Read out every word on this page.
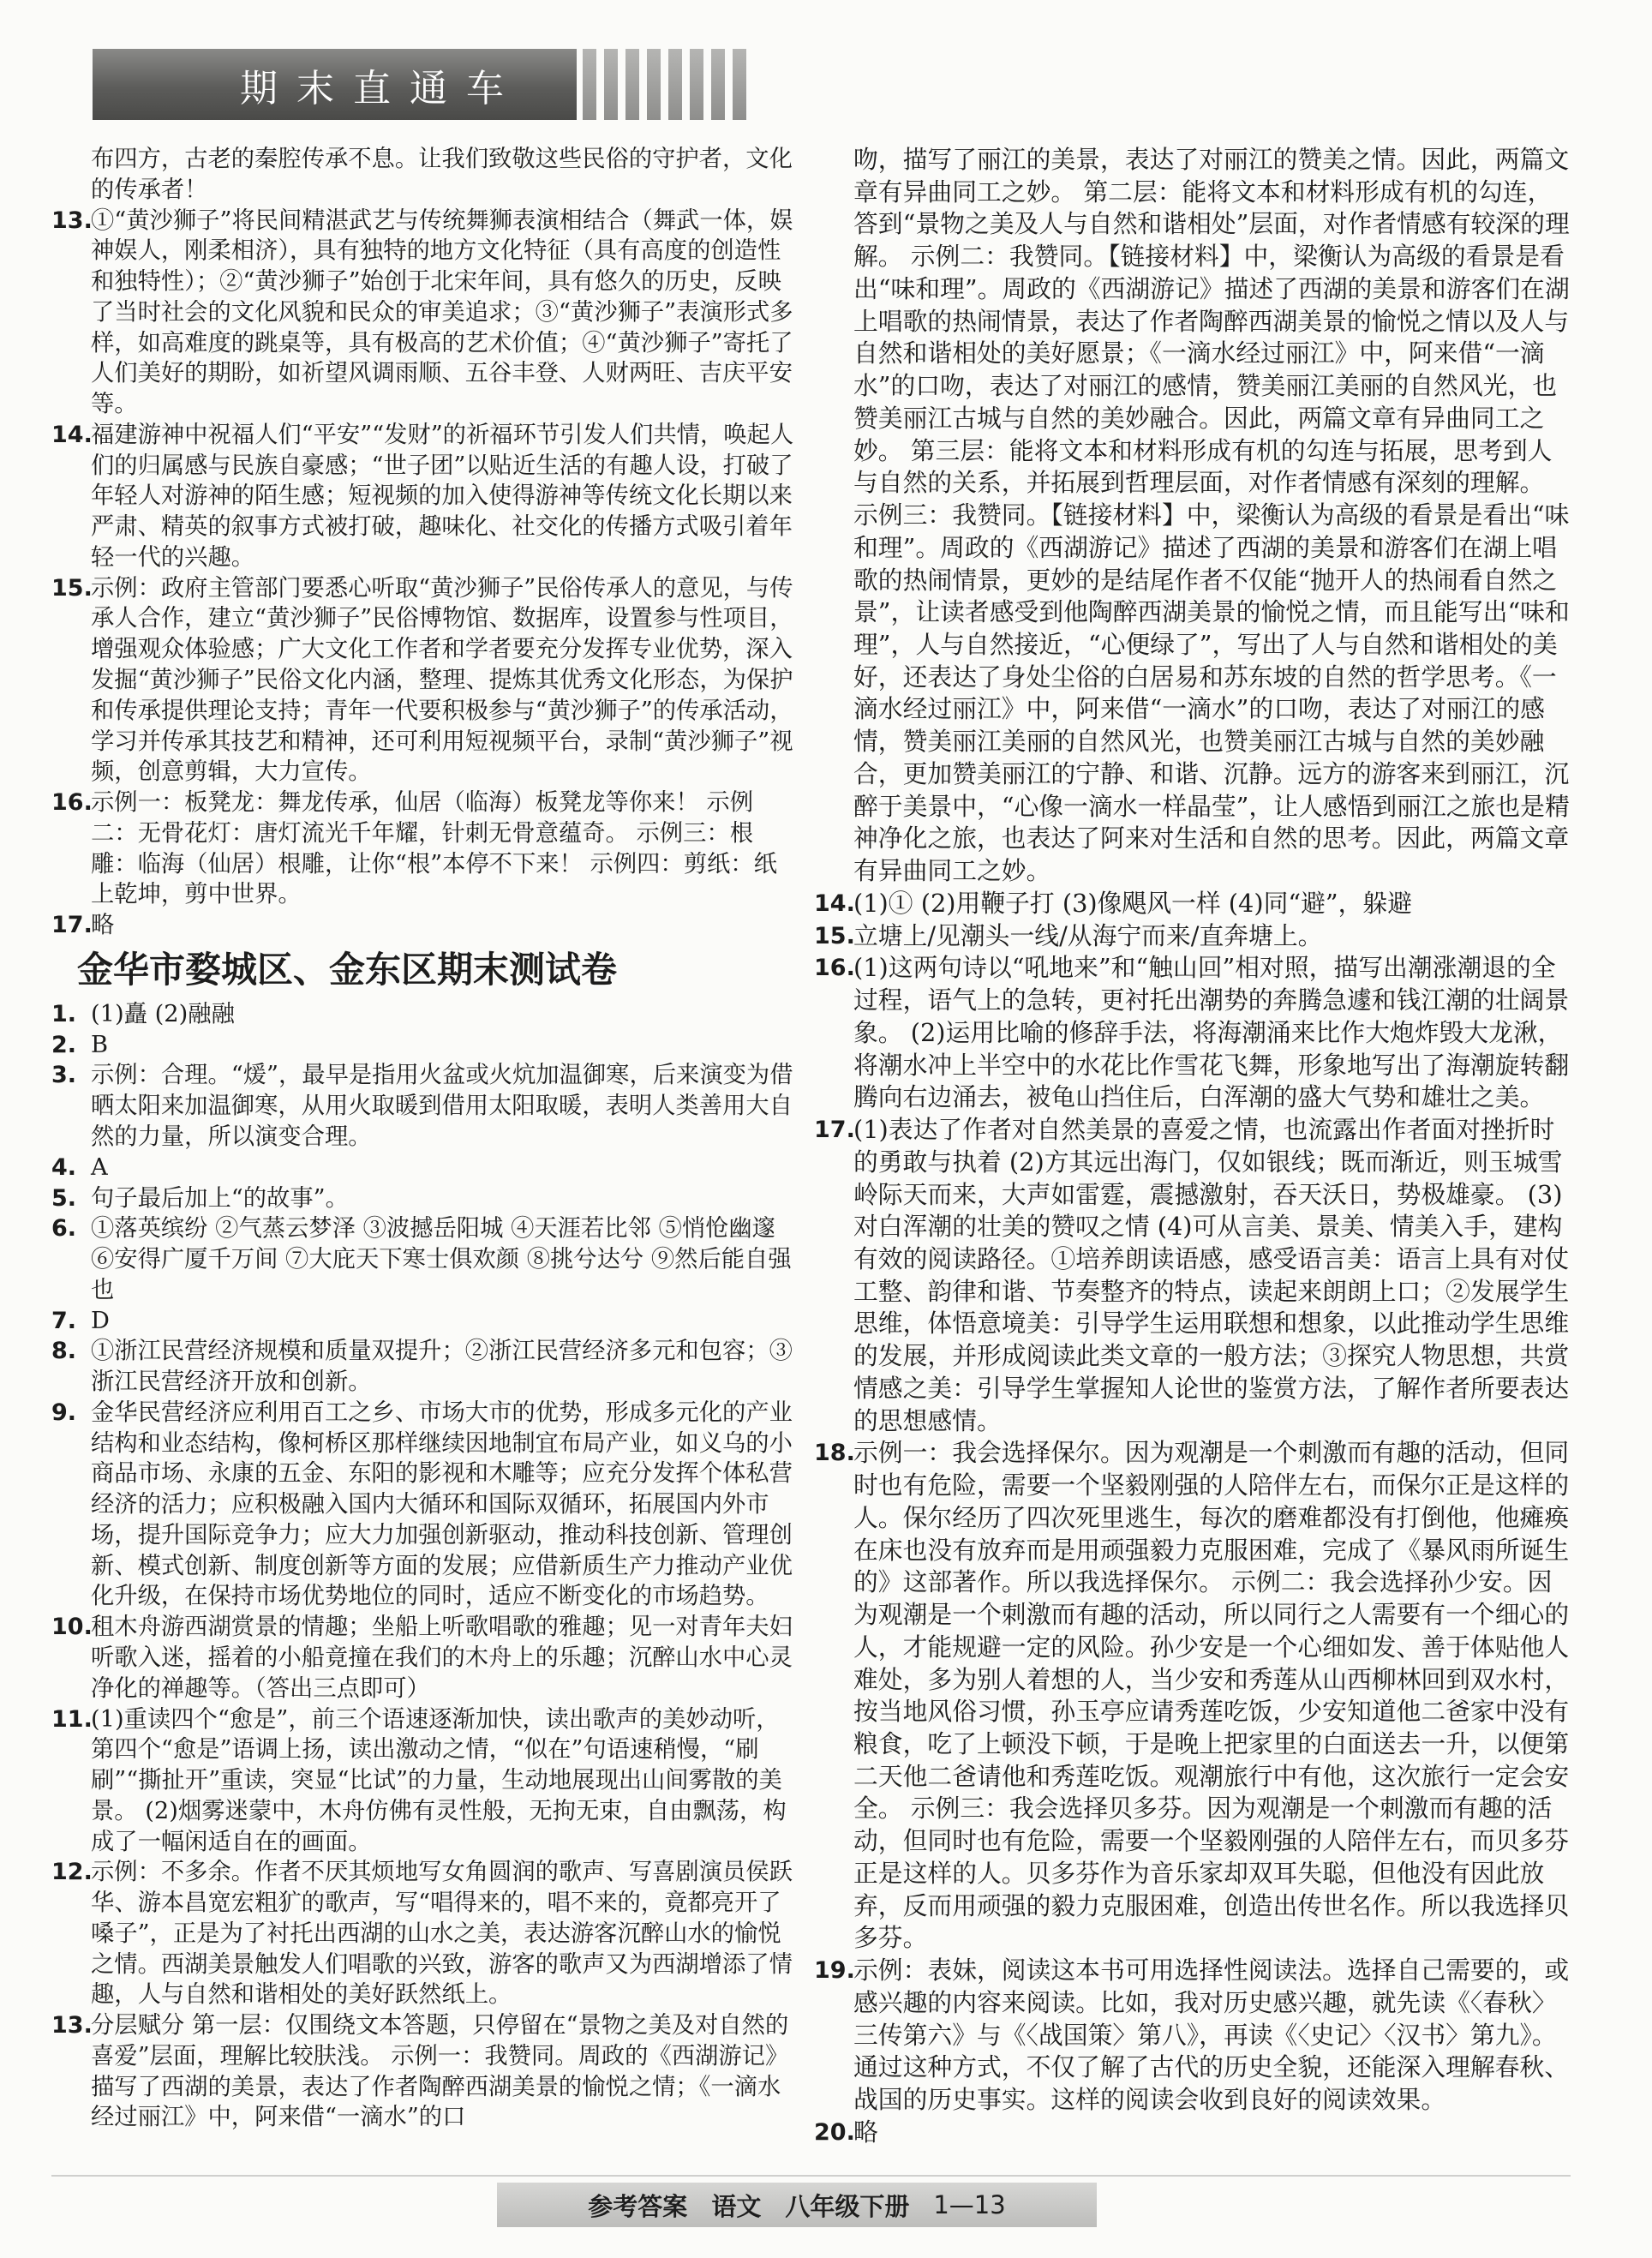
期末直通车

布四方，古老的秦腔传承不息。让我们致敬这些民俗的守护者，文化的传承者！

13.
①“黄沙狮子”将民间精湛武艺与传统舞狮表演相结合（舞武一体，娱神娱人，刚柔相济），具有独特的地方文化特征（具有高度的创造性和独特性）；②“黄沙狮子”始创于北宋年间，具有悠久的历史，反映了当时社会的文化风貌和民众的审美追求；③“黄沙狮子”表演形式多样，如高难度的跳桌等，具有极高的艺术价值；④“黄沙狮子”寄托了人们美好的期盼，如祈望风调雨顺、五谷丰登、人财两旺、吉庆平安等。

14.
福建游神中祝福人们“平安”“发财”的祈福环节引发人们共情，唤起人们的归属感与民族自豪感；“世子团”以贴近生活的有趣人设，打破了年轻人对游神的陌生感；短视频的加入使得游神等传统文化长期以来严肃、精英的叙事方式被打破，趣味化、社交化的传播方式吸引着年轻一代的兴趣。

15.
示例：政府主管部门要悉心听取“黄沙狮子”民俗传承人的意见，与传承人合作，建立“黄沙狮子”民俗博物馆、数据库，设置参与性项目，增强观众体验感；广大文化工作者和学者要充分发挥专业优势，深入发掘“黄沙狮子”民俗文化内涵，整理、提炼其优秀文化形态，为保护和传承提供理论支持；青年一代要积极参与“黄沙狮子”的传承活动，学习并传承其技艺和精神，还可利用短视频平台，录制“黄沙狮子”视频，创意剪辑，大力宣传。

16.
示例一：板凳龙：舞龙传承，仙居（临海）板凳龙等你来！ 示例二：无骨花灯：唐灯流光千年耀，针刺无骨意蕴奇。 示例三：根雕：临海（仙居）根雕，让你“根”本停不下来！ 示例四：剪纸：纸上乾坤，剪中世界。

17.
略

金华市婺城区、金东区期末测试卷

1. (1)矗 (2)融融

2. B

3. 示例：合理。“煖”，最早是指用火盆或火炕加温御寒，后来演变为借晒太阳来加温御寒，从用火取暖到借用太阳取暖，表明人类善用大自然的力量，所以演变合理。

4. A

5. 句子最后加上“的故事”。

6. ①落英缤纷 ②气蒸云梦泽 ③波撼岳阳城 ④天涯若比邻 ⑤悄怆幽邃 ⑥安得广厦千万间 ⑦大庇天下寒士俱欢颜 ⑧挑兮达兮 ⑨然后能自强也

7. D

8. ①浙江民营经济规模和质量双提升；②浙江民营经济多元和包容；③浙江民营经济开放和创新。

9. 金华民营经济应利用百工之乡、市场大市的优势，形成多元化的产业结构和业态结构，像柯桥区那样继续因地制宜布局产业，如义乌的小商品市场、永康的五金、东阳的影视和木雕等；应充分发挥个体私营经济的活力；应积极融入国内大循环和国际双循环，拓展国内外市场，提升国际竞争力；应大力加强创新驱动，推动科技创新、管理创新、模式创新、制度创新等方面的发展；应借新质生产力推动产业优化升级，在保持市场优势地位的同时，适应不断变化的市场趋势。

10.
租木舟游西湖赏景的情趣；坐船上听歌唱歌的雅趣；见一对青年夫妇听歌入迷，摇着的小船竟撞在我们的木舟上的乐趣；沉醉山水中心灵净化的禅趣等。（答出三点即可）

11.
(1)重读四个“愈是”，前三个语速逐渐加快，读出歌声的美妙动听，第四个“愈是”语调上扬，读出激动之情，“似在”句语速稍慢，“刷刷”“撕扯开”重读，突显“比试”的力量，生动地展现出山间雾散的美景。 (2)烟雾迷蒙中，木舟仿佛有灵性般，无拘无束，自由飘荡，构成了一幅闲适自在的画面。

12.
示例：不多余。作者不厌其烦地写女角圆润的歌声、写喜剧演员侯跃华、游本昌宽宏粗犷的歌声，写“唱得来的，唱不来的，竟都亮开了嗓子”，正是为了衬托出西湖的山水之美，表达游客沉醉山水的愉悦之情。西湖美景触发人们唱歌的兴致，游客的歌声又为西湖增添了情趣，人与自然和谐相处的美好跃然纸上。

13.
分层赋分 第一层：仅围绕文本答题，只停留在“景物之美及对自然的喜爱”层面，理解比较肤浅。 示例一：我赞同。周政的《西湖游记》描写了西湖的美景，表达了作者陶醉西湖美景的愉悦之情；《一滴水经过丽江》中，阿来借“一滴水”的口

吻，描写了丽江的美景，表达了对丽江的赞美之情。因此，两篇文章有异曲同工之妙。 第二层：能将文本和材料形成有机的勾连，答到“景物之美及人与自然和谐相处”层面，对作者情感有较深的理解。 示例二：我赞同。【链接材料】中，梁衡认为高级的看景是看出“味和理”。周政的《西湖游记》描述了西湖的美景和游客们在湖上唱歌的热闹情景，表达了作者陶醉西湖美景的愉悦之情以及人与自然和谐相处的美好愿景；《一滴水经过丽江》中，阿来借“一滴水”的口吻，表达了对丽江的感情，赞美丽江美丽的自然风光，也赞美丽江古城与自然的美妙融合。因此，两篇文章有异曲同工之妙。 第三层：能将文本和材料形成有机的勾连与拓展，思考到人与自然的关系，并拓展到哲理层面，对作者情感有深刻的理解。 示例三：我赞同。【链接材料】中，梁衡认为高级的看景是看出“味和理”。周政的《西湖游记》描述了西湖的美景和游客们在湖上唱歌的热闹情景，更妙的是结尾作者不仅能“抛开人的热闹看自然之景”，让读者感受到他陶醉西湖美景的愉悦之情，而且能写出“味和理”，人与自然接近，“心便绿了”，写出了人与自然和谐相处的美好，还表达了身处尘俗的白居易和苏东坡的自然的哲学思考。《一滴水经过丽江》中，阿来借“一滴水”的口吻，表达了对丽江的感情，赞美丽江美丽的自然风光，也赞美丽江古城与自然的美妙融合，更加赞美丽江的宁静、和谐、沉静。远方的游客来到丽江，沉醉于美景中，“心像一滴水一样晶莹”，让人感悟到丽江之旅也是精神净化之旅，也表达了阿来对生活和自然的思考。因此，两篇文章有异曲同工之妙。

14.
(1)① (2)用鞭子打 (3)像飓风一样 (4)同“避”，躲避

15.
立塘上/见潮头一线/从海宁而来/直奔塘上。

16.
(1)这两句诗以“吼地来”和“触山回”相对照，描写出潮涨潮退的全过程，语气上的急转，更衬托出潮势的奔腾急遽和钱江潮的壮阔景象。 (2)运用比喻的修辞手法，将海潮涌来比作大炮炸毁大龙湫，将潮水冲上半空中的水花比作雪花飞舞，形象地写出了海潮旋转翻腾向右边涌去，被龟山挡住后，白浑潮的盛大气势和雄壮之美。

17.
(1)表达了作者对自然美景的喜爱之情，也流露出作者面对挫折时的勇敢与执着 (2)方其远出海门，仅如银线；既而渐近，则玉城雪岭际天而来，大声如雷霆，震撼激射，吞天沃日，势极雄豪。 (3)对白浑潮的壮美的赞叹之情 (4)可从言美、景美、情美入手，建构有效的阅读路径。①培养朗读语感，感受语言美：语言上具有对仗工整、韵律和谐、节奏整齐的特点，读起来朗朗上口；②发展学生思维，体悟意境美：引导学生运用联想和想象，以此推动学生思维的发展，并形成阅读此类文章的一般方法；③探究人物思想，共赏情感之美：引导学生掌握知人论世的鉴赏方法，了解作者所要表达的思想感情。

18.
示例一：我会选择保尔。因为观潮是一个刺激而有趣的活动，但同时也有危险，需要一个坚毅刚强的人陪伴左右，而保尔正是这样的人。保尔经历了四次死里逃生，每次的磨难都没有打倒他，他瘫痪在床也没有放弃而是用顽强毅力克服困难，完成了《暴风雨所诞生的》这部著作。所以我选择保尔。 示例二：我会选择孙少安。因为观潮是一个刺激而有趣的活动，所以同行之人需要有一个细心的人，才能规避一定的风险。孙少安是一个心细如发、善于体贴他人难处，多为别人着想的人，当少安和秀莲从山西柳林回到双水村，按当地风俗习惯，孙玉亭应请秀莲吃饭，少安知道他二爸家中没有粮食，吃了上顿没下顿，于是晚上把家里的白面送去一升，以便第二天他二爸请他和秀莲吃饭。观潮旅行中有他，这次旅行一定会安全。 示例三：我会选择贝多芬。因为观潮是一个刺激而有趣的活动，但同时也有危险，需要一个坚毅刚强的人陪伴左右，而贝多芬正是这样的人。贝多芬作为音乐家却双耳失聪，但他没有因此放弃，反而用顽强的毅力克服困难，创造出传世名作。所以我选择贝多芬。

19.
示例：表妹，阅读这本书可用选择性阅读法。选择自己需要的，或感兴趣的内容来阅读。比如，我对历史感兴趣，就先读《〈春秋〉三传第六》与《〈战国策〉第八》，再读《〈史记〉〈汉书〉第九》。通过这种方式，不仅了解了古代的历史全貌，还能深入理解春秋、战国的历史事实。这样的阅读会收到良好的阅读效果。

20.
略

参考答案 语文 八年级下册 1—13
